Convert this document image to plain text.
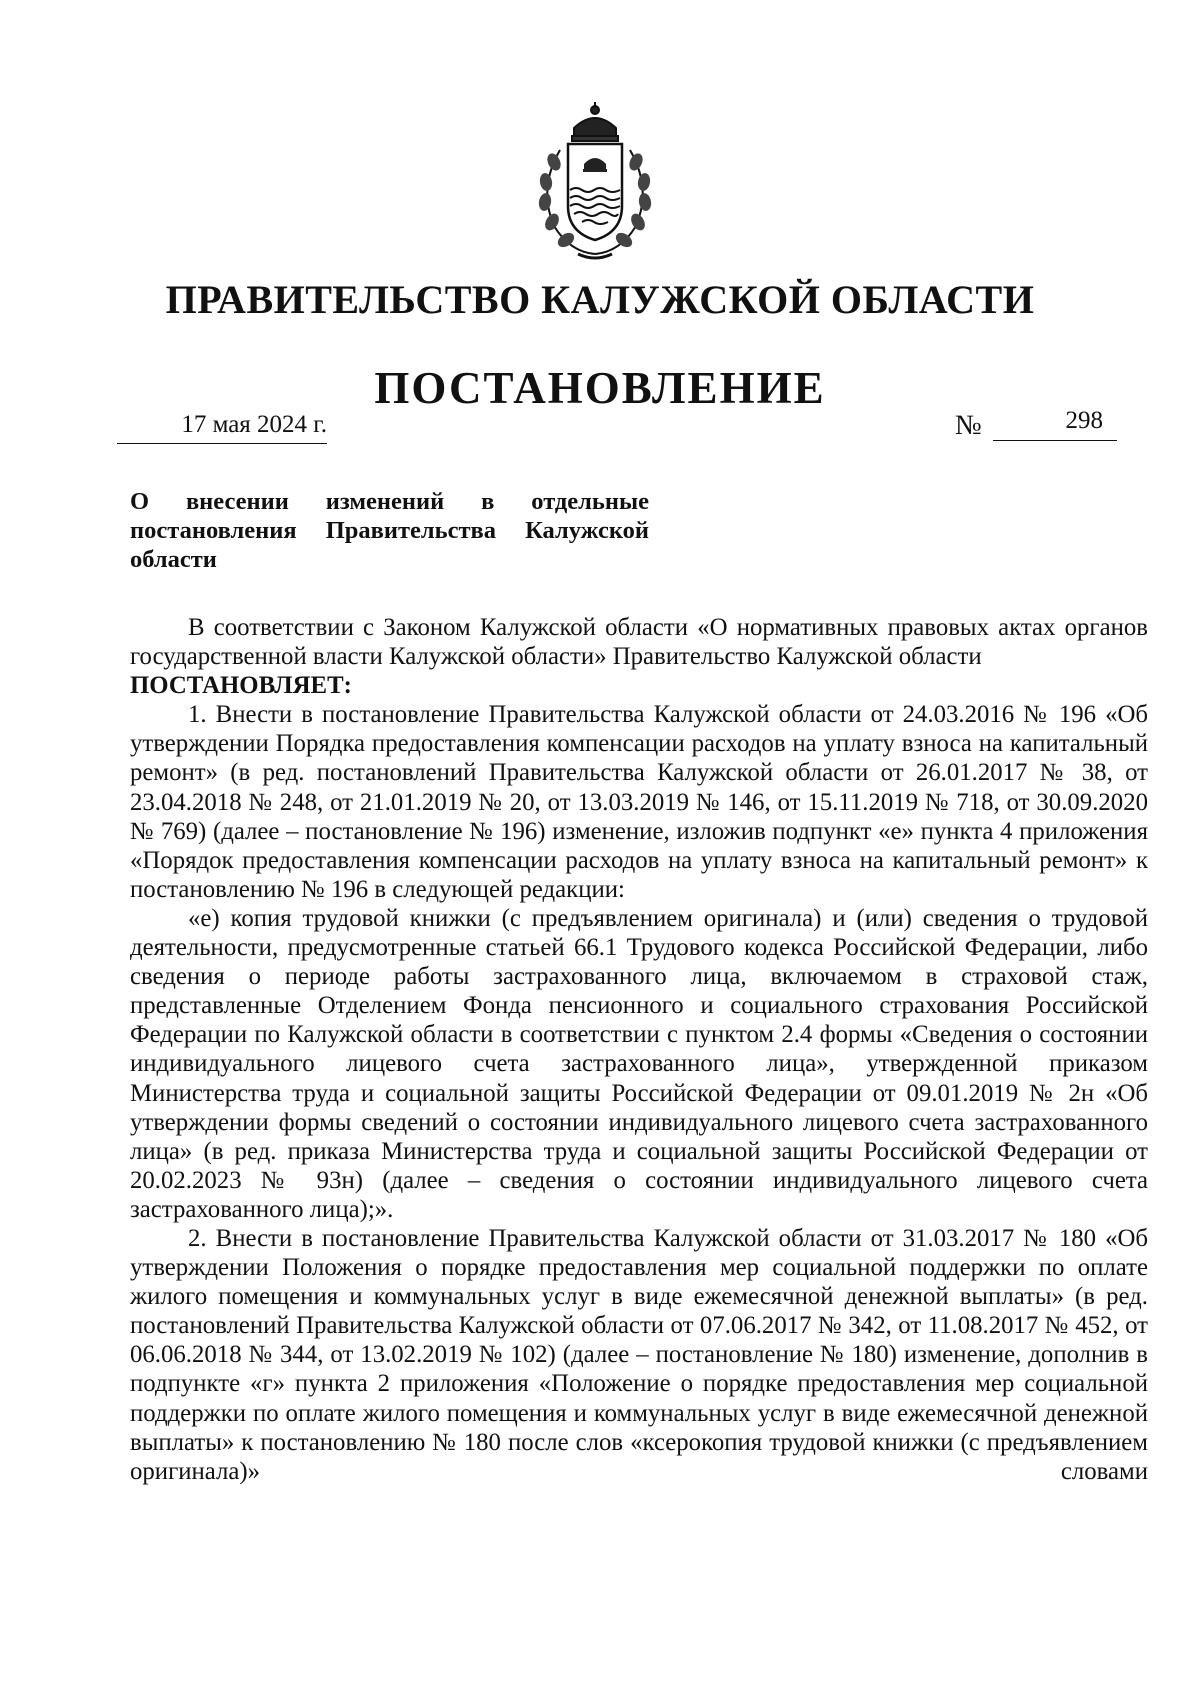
ПРАВИТЕЛЬСТВО КАЛУЖСКОЙ ОБЛАСТИ
ПОСТАНОВЛЕНИЕ
17 мая 2024 г.	№	298
О внесении изменений в отдельные постановления Правительства Калужской области

В соответствии с Законом Калужской области «О нормативных правовых актах органов государственной власти Калужской области» Правительство Калужской области

ПОСТАНОВЛЯЕТ:

1. Внести в постановление Правительства Калужской области от 24.03.2016 № 196 «Об утверждении Порядка предоставления компенсации расходов на уплату взноса на капитальный ремонт» (в ред. постановлений Правительства Калужской области от 26.01.2017 № 38, от 23.04.2018 № 248, от 21.01.2019 № 20, от 13.03.2019 № 146, от 15.11.2019 № 718, от 30.09.2020 № 769) (далее – постановление № 196) изменение, изложив подпункт «е» пункта 4 приложения «Порядок предоставления компенсации расходов на уплату взноса на капитальный ремонт» к постановлению № 196 в следующей редакции:

«е) копия трудовой книжки (с предъявлением оригинала) и (или) сведения о трудовой деятельности, предусмотренные статьей 66.1 Трудового кодекса Российской Федерации, либо сведения о периоде работы застрахованного лица, включаемом в страховой стаж, представленные Отделением Фонда пенсионного и социального страхования Российской Федерации по Калужской области в соответствии с пунктом 2.4 формы «Сведения о состоянии индивидуального лицевого счета застрахованного лица», утвержденной приказом Министерства труда и социальной защиты Российской Федерации от 09.01.2019 № 2н «Об утверждении формы сведений о состоянии индивидуального лицевого счета застрахованного лица» (в ред. приказа Министерства труда и социальной защиты Российской Федерации от 20.02.2023 № 93н) (далее – сведения о состоянии индивидуального лицевого счета застрахованного лица);».

2. Внести в постановление Правительства Калужской области от 31.03.2017 № 180 «Об утверждении Положения о порядке предоставления мер социальной поддержки по оплате жилого помещения и коммунальных услуг в виде ежемесячной денежной выплаты» (в ред. постановлений Правительства Калужской области от 07.06.2017 № 342, от 11.08.2017 № 452, от 06.06.2018 № 344, от 13.02.2019 № 102) (далее – постановление № 180) изменение, дополнив в подпункте «г» пункта 2 приложения «Положение о порядке предоставления мер социальной поддержки по оплате жилого помещения и коммунальных услуг в виде ежемесячной денежной выплаты» к постановлению № 180 после слов «ксерокопия трудовой книжки (с предъявлением оригинала)» словами
